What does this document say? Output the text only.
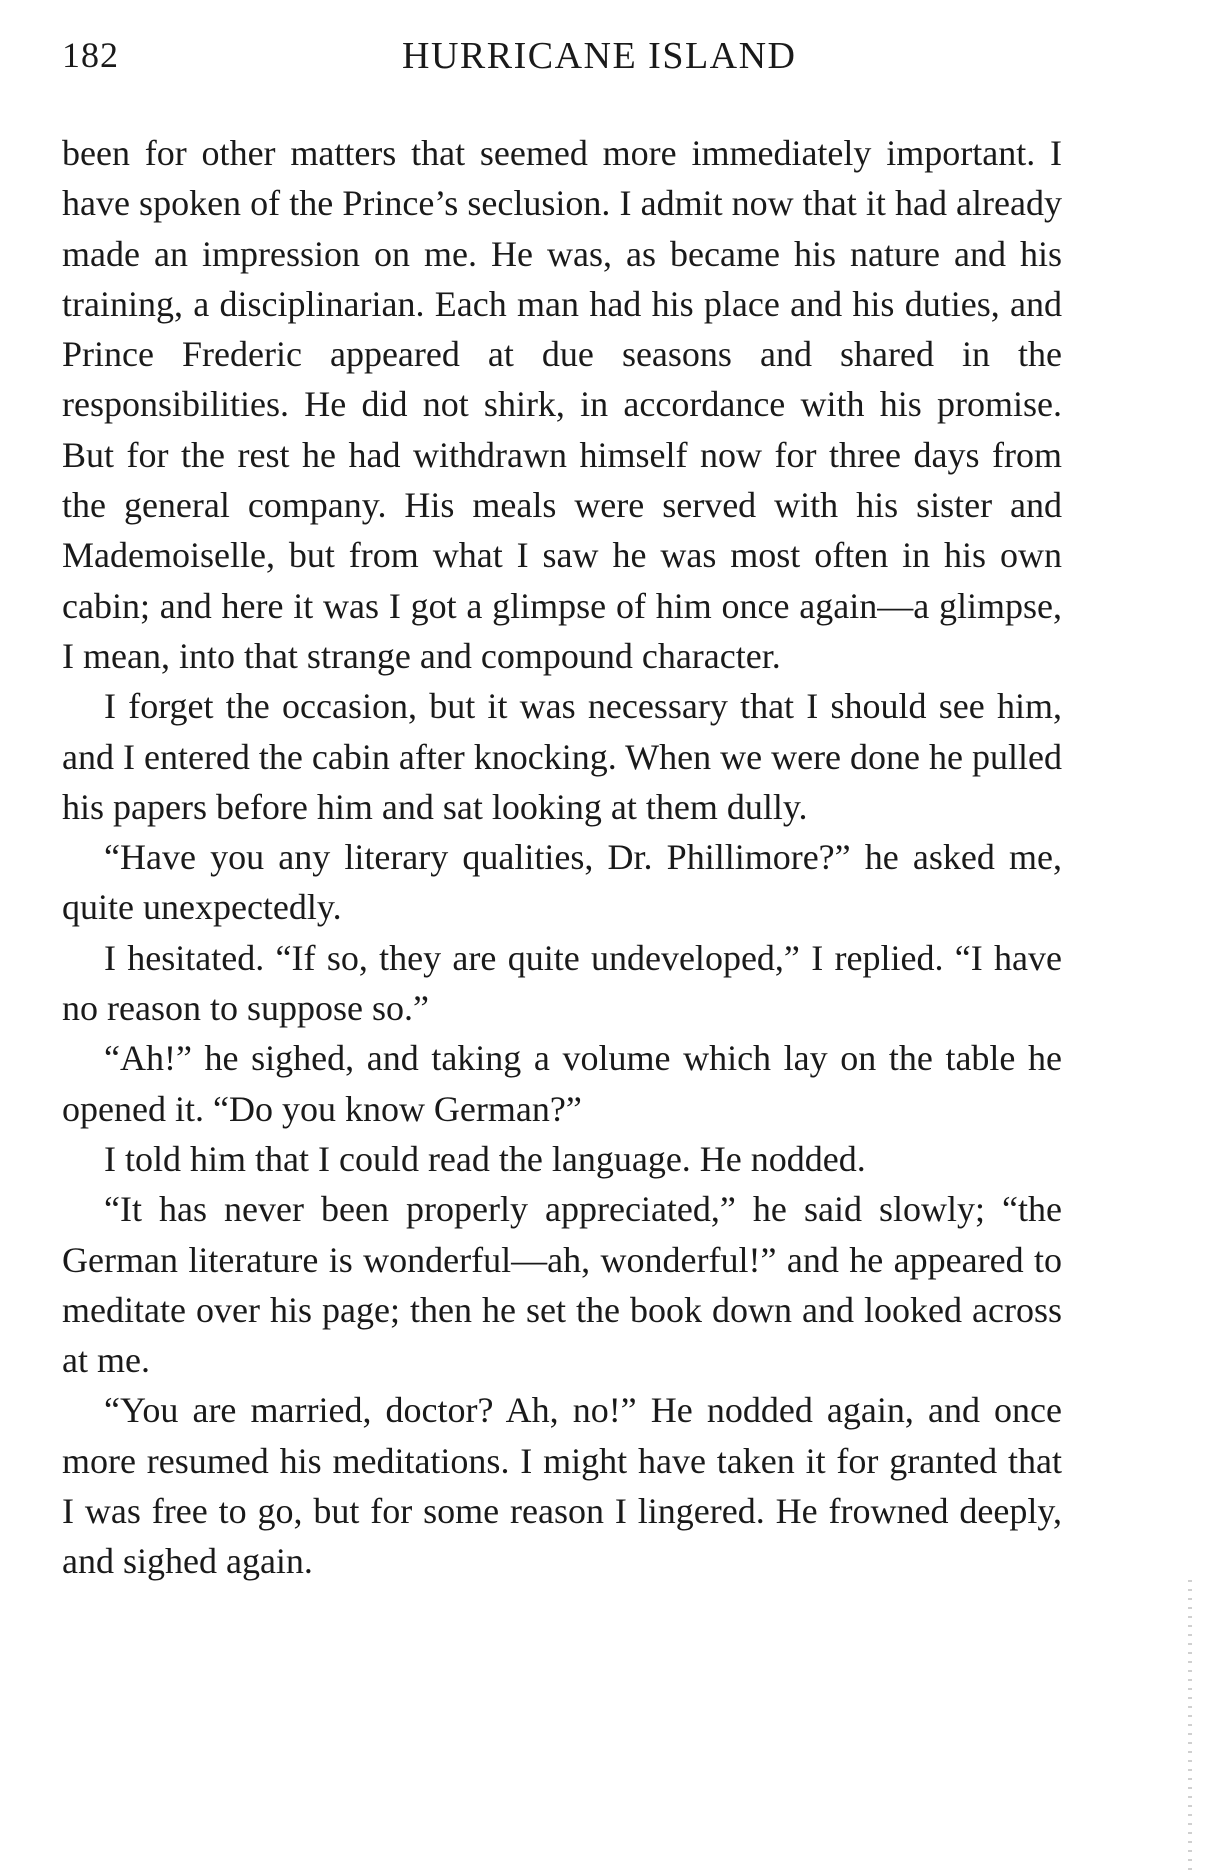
182	HURRICANE ISLAND

been for other matters that seemed more immediately important. I have spoken of the Prince’s seclusion. I admit now that it had already made an impression on me. He was, as became his nature and his training, a disciplinarian. Each man had his place and his duties, and Prince Frederic appeared at due seasons and shared in the responsibilities. He did not shirk, in accordance with his promise. But for the rest he had withdrawn himself now for three days from the general company. His meals were served with his sister and Mademoiselle, but from what I saw he was most often in his own cabin; and here it was I got a glimpse of him once again—a glimpse, I mean, into that strange and compound character.

I forget the occasion, but it was necessary that I should see him, and I entered the cabin after knocking. When we were done he pulled his papers before him and sat looking at them dully.

“Have you any literary qualities, Dr. Phillimore?” he asked me, quite unexpectedly.

I hesitated. “If so, they are quite undeveloped,” I replied. “I have no reason to suppose so.”

“Ah!” he sighed, and taking a volume which lay on the table he opened it. “Do you know German?”

I told him that I could read the language. He nodded.

“It has never been properly appreciated,” he said slowly; “the German literature is wonderful—ah, wonderful!” and he appeared to meditate over his page; then he set the book down and looked across at me.

“You are married, doctor? Ah, no!” He nodded again, and once more resumed his meditations. I might have taken it for granted that I was free to go, but for some reason I lingered. He frowned deeply, and sighed again.
